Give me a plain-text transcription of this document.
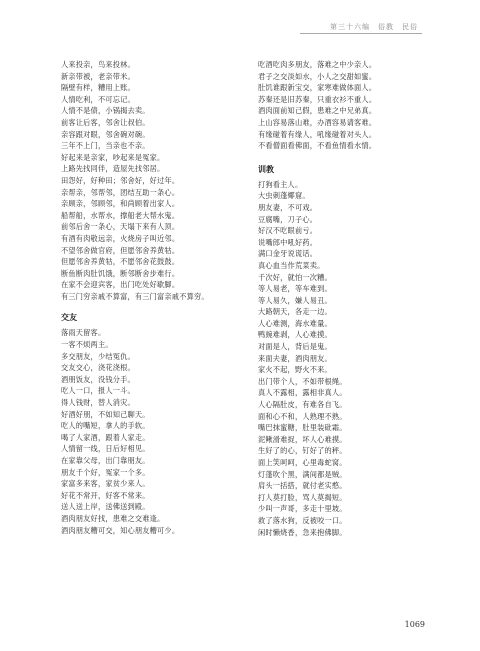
第三十六编　俗教　民俗
人来投亲，鸟来投林。
新亲带被，老亲带米。
隔壁有样，糟用上账。
人情吃利，不可忘记。
人情不是债，小锅揭去卖。
前客让后客，邻舍让叔伯。
亲容跟对眼，邻舍碗对碗。
三年不上门，当亲也不亲。
好起来是亲家，吵起来是冤家。
上路先找同伴，造屋先找邻居。
田怨好，好种田；邻舍好，好过年。
亲帮亲，邻帮邻，团结互助一条心。
亲顾亲，邻顾邻，和尚顾着出家人。
船帮船，水帮水，撑船老大帮水鬼。
前邻后舍一条心，天塌下来有人顶。
有酒有肉敬远亲，火烧房子叫近邻。
不望邻舍做官府，但愿邻舍养黄牯。
但愿邻舍养黄牯，不愿邻舍花鼓鼓。
断鱼断肉肚饥饿，断邻断舍步难行。
在家不会迎宾客，出门吃处好歇脚。
有三门穷亲戚不算富，有三门富亲戚不算穷。
交友
落雨天留客。
一客不烦两主。
多交朋友，少结冤仇。
交友交心，浇花浇根。
酒朋饭友，没钱分手。
吃人一口，报人一斗。
得人钱财，替人消灾。
好酒好朋，不如知己聊天。
吃人的嘴短，拿人的手软。
喝了人家酒，跟着人家走。
人情留一线，日后好相见。
在家靠父母，出门靠朋友。
朋友千个好，冤家一个多。
家富多来客，家贫少来人。
好花不常开，好客不常来。
送人送上岸，送佛送到殿。
酒肉朋友好找，患难之交难逢。
酒肉朋友糟可交，知心朋友糟可少。
吃酒吃肉多朋友，落难之中少亲人。
君子之交淡如水，小人之交甜如蜜。
肚饥谁跟新宝交，家寒难做体面人。
苏秦还是旧苏秦，只重衣衫不重人。
酒肉面前知己假，患难之中兄弟真。
上山容易落山难，办酒容易请客难。
有缘碰着有缘人，吼缘碰着对头人。
不看僧面看佛面，不看鱼情看水情。
训教
打狗看主人。
大虫刺蓬鄊窟。
朋友妻，不可戏。
豆腐嘴，刀子心。
好汉不吃眼前亏。
说嘴郎中吼好药。
满口金牙说谎话。
真心血当作荒菜卖。
千次好，就怕一次糟。
等人易老，等车难到。
等人易久，嫌人易丑。
大路朝天，各走一边。
人心难测，海水难量。
鸭豌难剥，人心难摸。
对面是人，背后是鬼。
来面夫妻，酒肉朋友。
家火不起，野火不来。
出门带个人，不如带根绳。
真人不露相，露相非真人。
人心隔肚皮，有难各自飞。
面和心不和，人熟理不熟。
嘴巴抹蜜糖，肚里装砒霜。
泥鳅滑难捉，坏人心难摸。
生好了的心，钉好了的秤。
面上笑呵呵，心里毒蛇窝。
灯蓬吹个黑，满间都是贼。
肩头一括搭，就付老实憨。
打人莫打脸，骂人莫揭短。
少叫一声哥，多走十里坡。
救了落水狗，反被咬一口。
闲时懒烧香，急来抱佛脚。
1069
